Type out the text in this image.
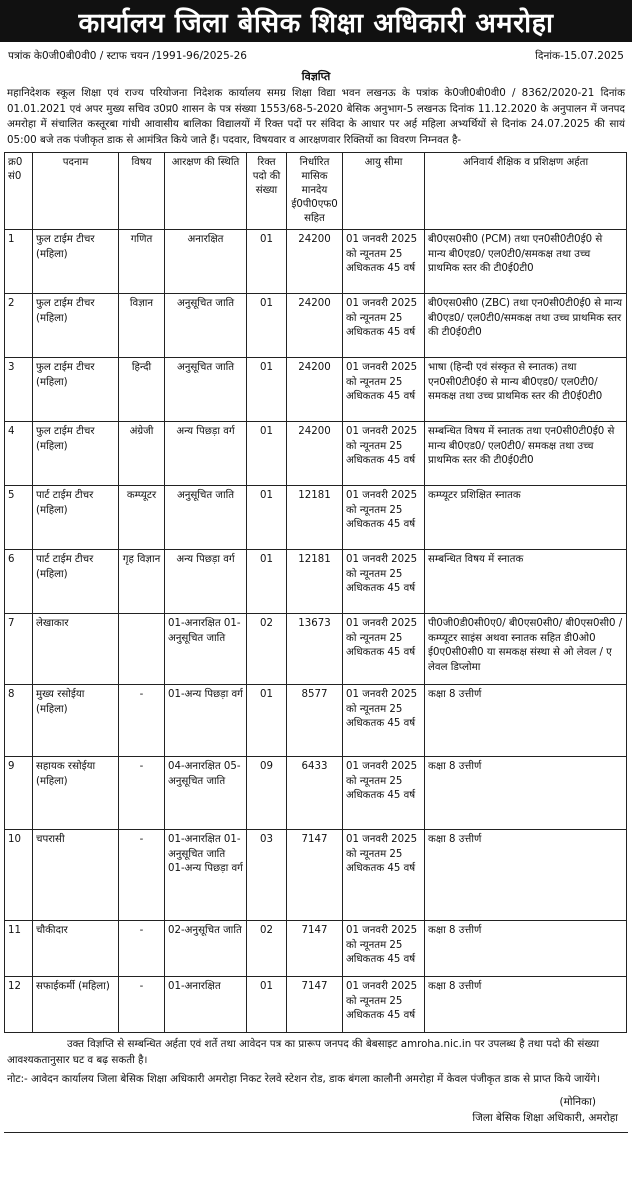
कार्यालय जिला बेसिक शिक्षा अधिकारी अमरोहा
पत्रांक के0जी0बी0वी0 / स्टाफ चयन /1991-96/2025-26	दिनांक-15.07.2025
विज्ञप्ति
महानिदेशक स्कूल शिक्षा एवं राज्य परियोजना निदेशक कार्यालय समग्र शिक्षा विद्या भवन लखनऊ के पत्रांक के0जी0बी0वी0 / 8362/2020-21 दिनांक 01.01.2021 एवं अपर मुख्य सचिव उ0प्र0 शासन के पत्र संख्या 1553/68-5-2020 बेसिक अनुभाग-5 लखनऊ दिनांक 11.12.2020 के अनुपालन में जनपद अमरोहा में संचालित कस्तूरबा गांधी आवासीय बालिका विद्यालयों में रिक्त पदों पर संविदा के आधार पर अर्ह महिला अभ्यर्थियों से दिनांक 24.07.2025 की सायं 05:00 बजे तक पंजीकृत डाक से आमंत्रित किये जाते हैं। पदवार, विषयवार व आरक्षणवार रिक्तियों का विवरण निम्नवत है-
क्र0 सं0	पदनाम	विषय	आरक्षण की स्थिति	रिक्त पदो की संख्या	निर्धारित मासिक मानदेय ई0पी0एफ0 सहित	आयु सीमा	अनिवार्य शैक्षिक व प्रशिक्षण अर्हता
1	फुल टाईम टीचर (महिला)	गणित	अनारक्षित	01	24200	01 जनवरी 2025 को न्यूनतम 25 अधिकतक 45 वर्ष	बी0एस0सी0 (PCM) तथा एन0सी0टी0ई0 से मान्य बी0एड0/ एल0टी0/समकक्ष तथा उच्च प्राथमिक स्तर की टी0ई0टी0
2	फुल टाईम टीचर (महिला)	विज्ञान	अनुसूचित जाति	01	24200	01 जनवरी 2025 को न्यूनतम 25 अधिकतक 45 वर्ष	बी0एस0सी0 (ZBC) तथा एन0सी0टी0ई0 से मान्य बी0एड0/ एल0टी0/समकक्ष तथा उच्च प्राथमिक स्तर की टी0ई0टी0
3	फुल टाईम टीचर (महिला)	हिन्दी	अनुसूचित जाति	01	24200	01 जनवरी 2025 को न्यूनतम 25 अधिकतक 45 वर्ष	भाषा (हिन्दी एवं संस्कृत से स्नातक) तथा एन0सी0टी0ई0 से मान्य बी0एड0/ एल0टी0/ समकक्ष तथा उच्च प्राथमिक स्तर की टी0ई0टी0
4	फुल टाईम टीचर (महिला)	अंग्रेजी	अन्य पिछड़ा वर्ग	01	24200	01 जनवरी 2025 को न्यूनतम 25 अधिकतक 45 वर्ष	सम्बन्धित विषय में स्नातक तथा एन0सी0टी0ई0 से मान्य बी0एड0/ एल0टी0/ समकक्ष तथा उच्च प्राथमिक स्तर की टी0ई0टी0
5	पार्ट टाईम टीचर (महिला)	कम्प्यूटर	अनुसूचित जाति	01	12181	01 जनवरी 2025 को न्यूनतम 25 अधिकतक 45 वर्ष	कम्प्यूटर प्रशिक्षित स्नातक
6	पार्ट टाईम टीचर (महिला)	गृह विज्ञान	अन्य पिछड़ा वर्ग	01	12181	01 जनवरी 2025 को न्यूनतम 25 अधिकतक 45 वर्ष	सम्बन्धित विषय में स्नातक
7	लेखाकार		01-अनारक्षित 01-अनुसूचित जाति	02	13673	01 जनवरी 2025 को न्यूनतम 25 अधिकतक 45 वर्ष	पी0जी0डी0सी0ए0/ बी0एस0सी0/ बी0एस0सी0 /कम्प्यूटर साइंस अथवा स्नातक सहित डी0ओ0 ई0ए0सी0सी0 या समकक्ष संस्था से ओ लेवल / ए लेवल डिप्लोमा
8	मुख्य रसोईया (महिला)	-	01-अन्य पिछड़ा वर्ग	01	8577	01 जनवरी 2025 को न्यूनतम 25 अधिकतक 45 वर्ष	कक्षा 8 उत्तीर्ण
9	सहायक रसोईया (महिला)	-	04-अनारक्षित 05-अनुसूचित जाति	09	6433	01 जनवरी 2025 को न्यूनतम 25 अधिकतक 45 वर्ष	कक्षा 8 उत्तीर्ण
10	चपरासी	-	01-अनारक्षित 01-अनुसूचित जाति 01-अन्य पिछड़ा वर्ग	03	7147	01 जनवरी 2025 को न्यूनतम 25 अधिकतक 45 वर्ष	कक्षा 8 उत्तीर्ण
11	चौकीदार	-	02-अनुसूचित जाति	02	7147	01 जनवरी 2025 को न्यूनतम 25 अधिकतक 45 वर्ष	कक्षा 8 उत्तीर्ण
12	सफाईकर्मी (महिला)	-	01-अनारक्षित	01	7147	01 जनवरी 2025 को न्यूनतम 25 अधिकतक 45 वर्ष	कक्षा 8 उत्तीर्ण
उक्त विज्ञप्ति से सम्बन्धित अर्हता एवं शर्ते तथा आवेदन पत्र का प्रारूप जनपद की बेबसाइट amroha.nic.in पर उपलब्ध है तथा पदो की संख्या आवश्यकतानुसार घट व बढ़ सकती है।
नोट:- आवेदन कार्यालय जिला बेसिक शिक्षा अधिकारी अमरोहा निकट रेलवे स्टेशन रोड, डाक बंगला कालौनी अमरोहा में केवल पंजीकृत डाक से प्राप्त किये जायेंगे।
(मोनिका)
जिला बेसिक शिक्षा अधिकारी, अमरोहा
